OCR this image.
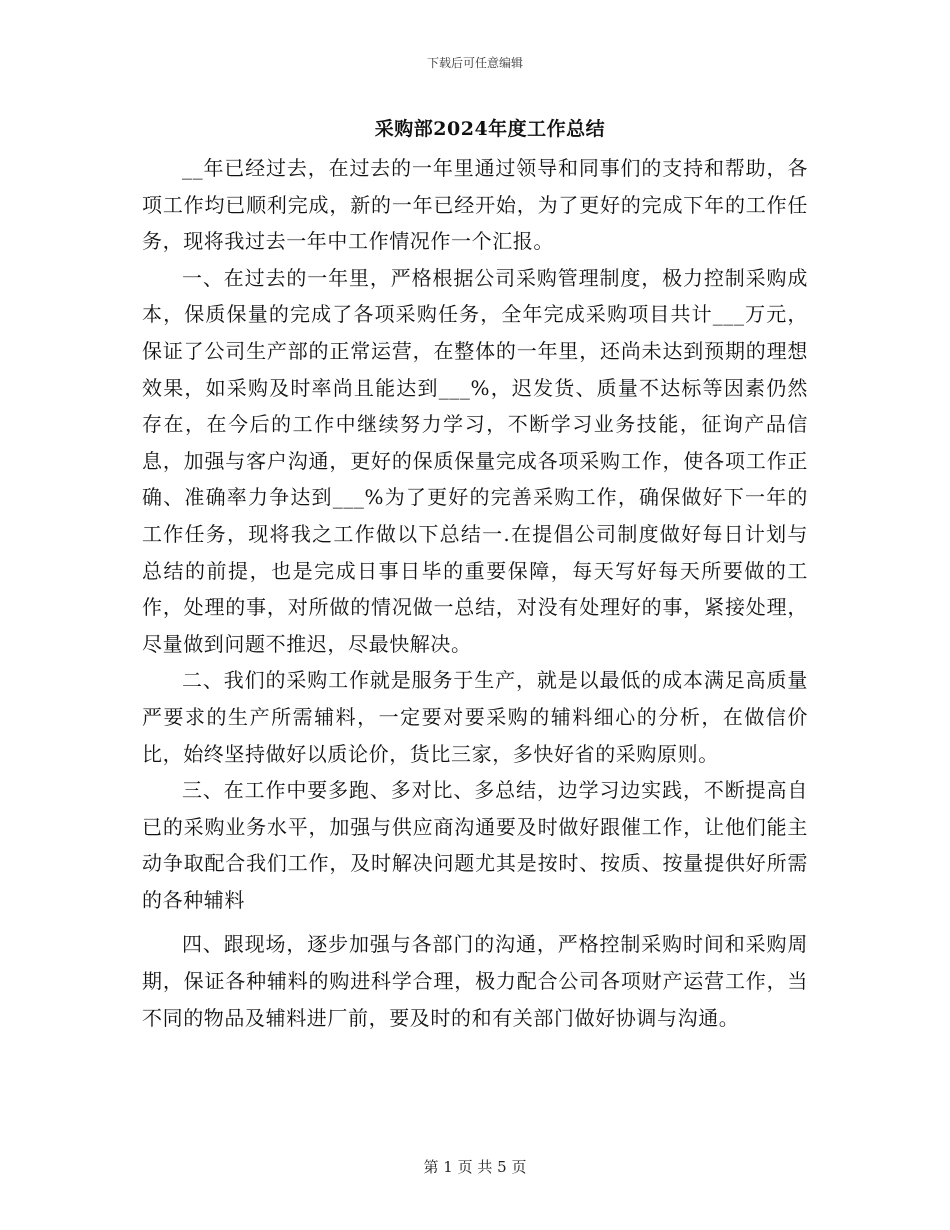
下载后可任意编辑
采购部2024年度工作总结

__年已经过去，在过去的一年里通过领导和同事们的支持和帮助，各项工作均已顺利完成，新的一年已经开始，为了更好的完成下年的工作任务，现将我过去一年中工作情况作一个汇报。

一、在过去的一年里，严格根据公司采购管理制度，极力控制采购成本，保质保量的完成了各项采购任务，全年完成采购项目共计___万元，保证了公司生产部的正常运营，在整体的一年里，还尚未达到预期的理想效果，如采购及时率尚且能达到___%，迟发货、质量不达标等因素仍然存在，在今后的工作中继续努力学习，不断学习业务技能，征询产品信息，加强与客户沟通，更好的保质保量完成各项采购工作，使各项工作正确、准确率力争达到___%为了更好的完善采购工作，确保做好下一年的工作任务，现将我之工作做以下总结一.在提倡公司制度做好每日计划与总结的前提，也是完成日事日毕的重要保障，每天写好每天所要做的工作，处理的事，对所做的情况做一总结，对没有处理好的事，紧接处理，尽量做到问题不推迟，尽最快解决。

二、我们的采购工作就是服务于生产，就是以最低的成本满足高质量严要求的生产所需辅料，一定要对要采购的辅料细心的分析，在做信价比，始终坚持做好以质论价，货比三家，多快好省的采购原则。

三、在工作中要多跑、多对比、多总结，边学习边实践，不断提高自已的采购业务水平，加强与供应商沟通要及时做好跟催工作，让他们能主动争取配合我们工作，及时解决问题尤其是按时、按质、按量提供好所需的各种辅料

四、跟现场，逐步加强与各部门的沟通，严格控制采购时间和采购周期，保证各种辅料的购进科学合理，极力配合公司各项财产运营工作，当不同的物品及辅料进厂前，要及时的和有关部门做好协调与沟通。

第 1 页 共 5 页
